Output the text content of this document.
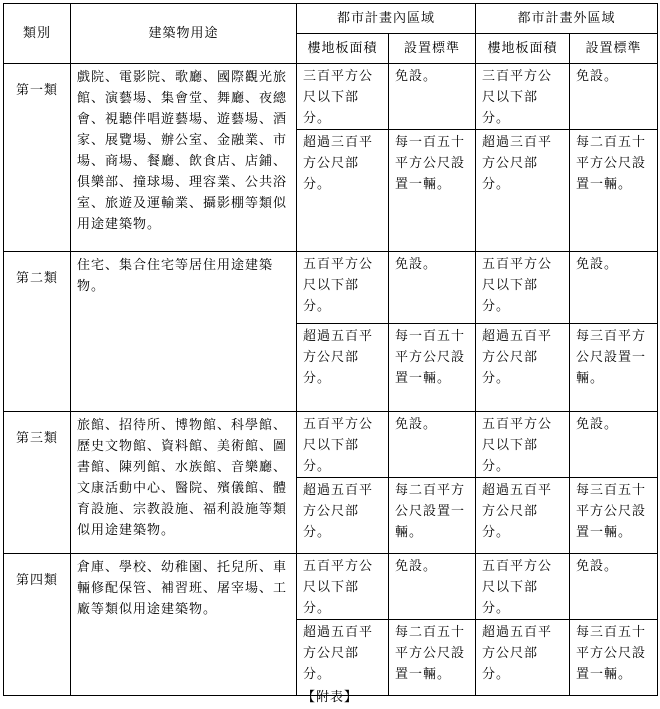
類別	建築物用途	都市計畫內區域		都市計畫外區域	
		樓地板面積	設置標準	樓地板面積	設置標準
第一類	戲院、電影院、歌廳、國際觀光旅館、演藝場、集會堂、舞廳、夜總會、視聽伴唱遊藝場、遊藝場、酒家、展覽場、辦公室、金融業、市場、商場、餐廳、飲食店、店鋪、俱樂部、撞球場、理容業、公共浴室、旅遊及運輸業、攝影棚等類似用途建築物。	三百平方公尺以下部分。	免設。	三百平方公尺以下部分。	免設。
		超過三百平方公尺部分。	每一百五十平方公尺設置一輛。	超過三百平方公尺部分。	每二百五十平方公尺設置一輛。
第二類	住宅、集合住宅等居住用途建築物。	五百平方公尺以下部分。	免設。	五百平方公尺以下部分。	免設。
		超過五百平方公尺部分。	每一百五十平方公尺設置一輛。	超過五百平方公尺部分。	每三百平方公尺設置一輛。
第三類	旅館、招待所、博物館、科學館、歷史文物館、資料館、美術館、圖書館、陳列館、水族館、音樂廳、文康活動中心、醫院、殯儀館、體育設施、宗教設施、福利設施等類似用途建築物。	五百平方公尺以下部分。	免設。	五百平方公尺以下部分。	免設。
		超過五百平方公尺部分。	每二百平方公尺設置一輛。	超過五百平方公尺部分。	每三百五十平方公尺設置一輛。
第四類	倉庫、學校、幼稚園、托兒所、車輛修配保管、補習班、屠宰場、工廠等類似用途建築物。	五百平方公尺以下部分。	免設。	五百平方公尺以下部分。	免設。
		超過五百平方公尺部分。	每二百五十平方公尺設置一輛。	超過五百平方公尺部分。	每三百五十平方公尺設置一輛。
【附表】
